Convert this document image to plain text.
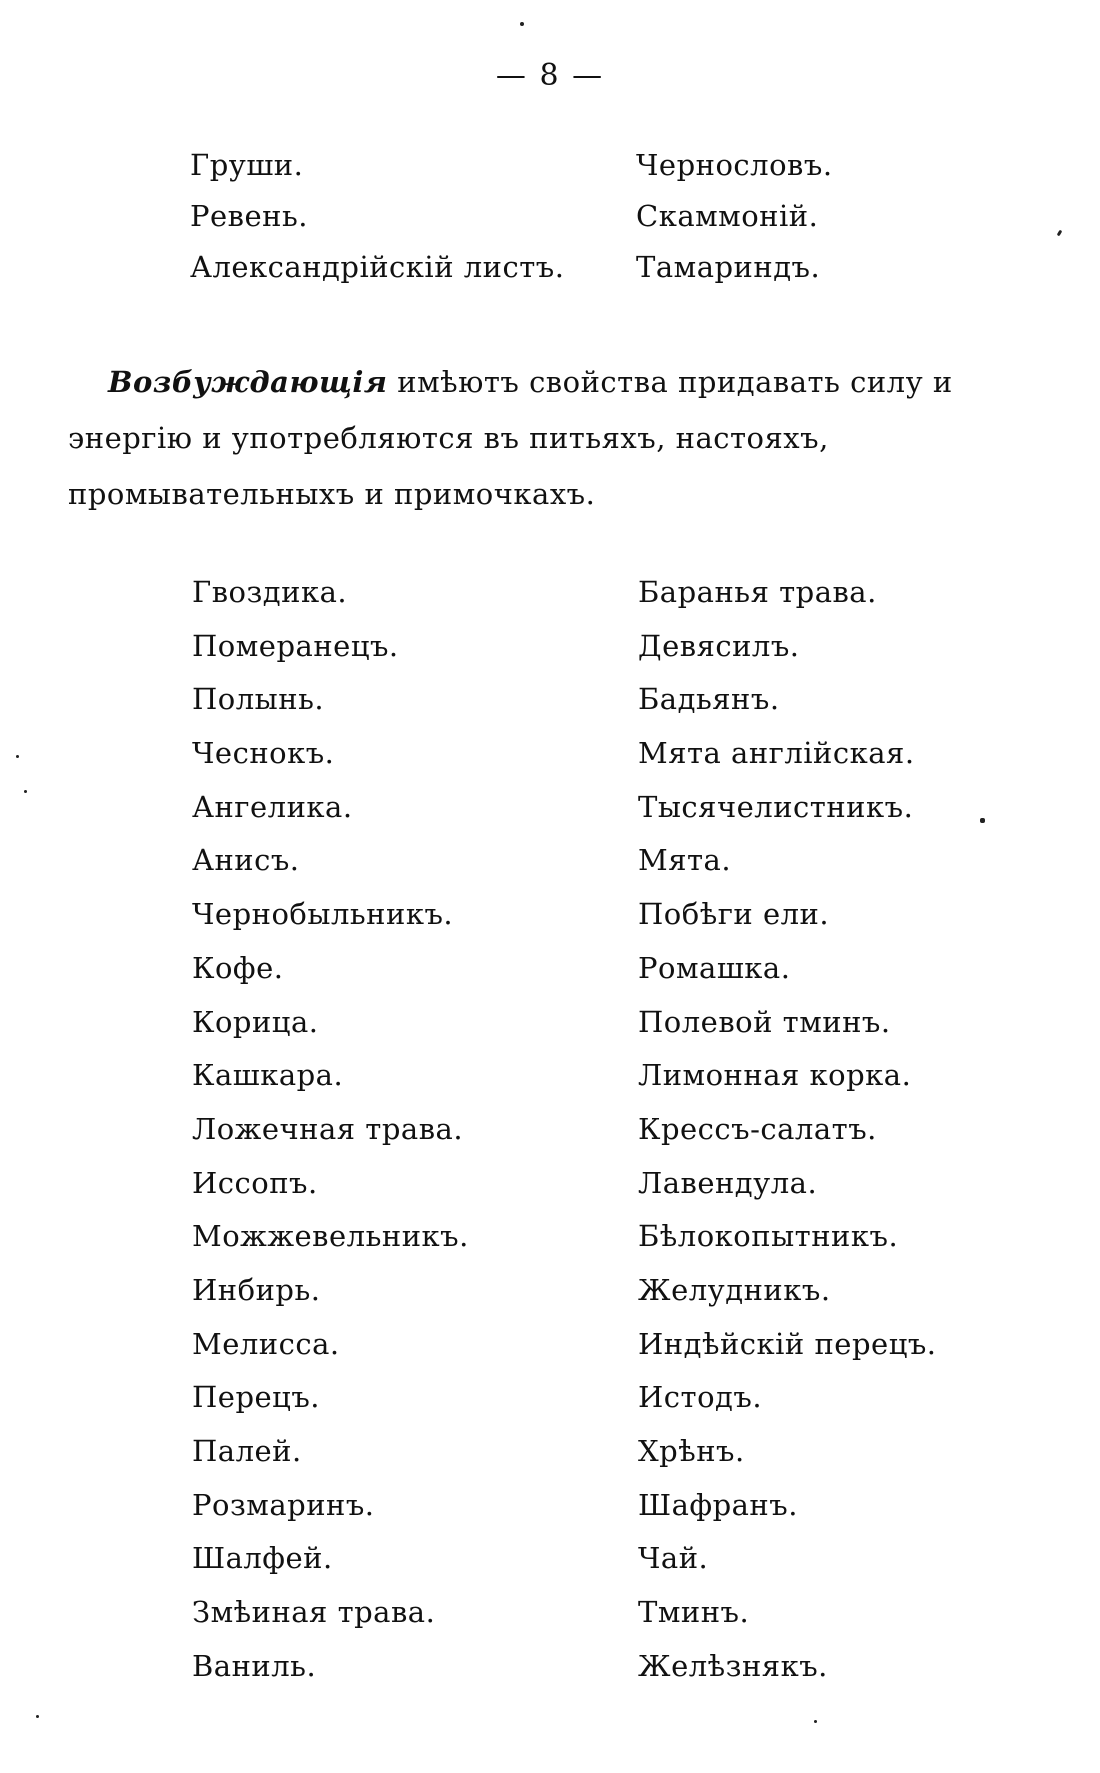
— 8 —
Груши.
Ревень.
Александрійскій листъ.
Чернословъ.
Скаммоній.
Тамариндъ.

Возбуждающія имѣютъ свойства придавать силу и энергію и употребляются въ питьяхъ, настояхъ, промывательныхъ и примочкахъ.

Гвоздика.
Померанецъ.
Полынь.
Чеснокъ.
Ангелика.
Анисъ.
Чернобыльникъ.
Кофе.
Корица.
Кашкара.
Ложечная трава.
Иссопъ.
Можжевельникъ.
Инбирь.
Мелисса.
Перецъ.
Палей.
Розмаринъ.
Шалфей.
Змѣиная трава.
Ваниль.
Баранья трава.
Девясилъ.
Бадьянъ.
Мята англійская.
Тысячелистникъ.
Мята.
Побѣги ели.
Ромашка.
Полевой тминъ.
Лимонная корка.
Крессъ-салатъ.
Лавендула.
Бѣлокопытникъ.
Желудникъ.
Индѣйскій перецъ.
Истодъ.
Хрѣнъ.
Шафранъ.
Чай.
Тминъ.
Желѣзнякъ.
